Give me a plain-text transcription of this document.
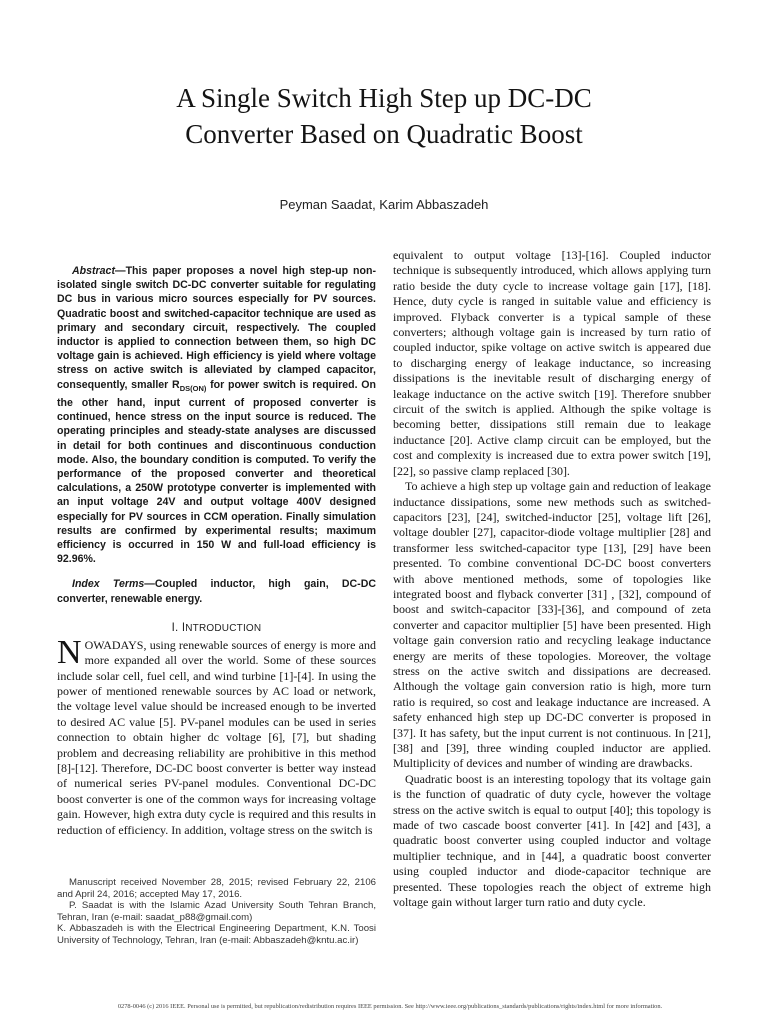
A Single Switch High Step up DC-DC
Converter Based on Quadratic Boost
Peyman Saadat, Karim Abbaszadeh
Abstract—This paper proposes a novel high step-up non-isolated single switch DC-DC converter suitable for regulating DC bus in various micro sources especially for PV sources. Quadratic boost and switched-capacitor technique are used as primary and secondary circuit, respectively. The coupled inductor is applied to connection between them, so high DC voltage gain is achieved. High efficiency is yield where voltage stress on active switch is alleviated by clamped capacitor, consequently, smaller $R_{DS(ON)}$ for power switch is required. On the other hand, input current of proposed converter is continued, hence stress on the input source is reduced. The operating principles and steady-state analyses are discussed in detail for both continues and discontinuous conduction mode. Also, the boundary condition is computed. To verify the performance of the proposed converter and theoretical calculations, a 250W prototype converter is implemented with an input voltage 24V and output voltage 400V designed especially for PV sources in CCM operation. Finally simulation results are confirmed by experimental results; maximum efficiency is occurred in 150 W and full-load efficiency is 92.96%.
Index Terms—Coupled inductor, high gain, DC-DC converter, renewable energy.
I. INTRODUCTION

NOWADAYS, using renewable sources of energy is more and more expanded all over the world. Some of these sources include solar cell, fuel cell, and wind turbine [1]-[4]. In using the power of mentioned renewable sources by AC load or network, the voltage level value should be increased enough to be inverted to desired AC value [5]. PV-panel modules can be used in series connection to obtain higher dc voltage [6], [7], but shading problem and decreasing reliability are prohibitive in this method [8]-[12]. Therefore, DC-DC boost converter is better way instead of numerical series PV-panel modules. Conventional DC-DC boost converter is one of the common ways for increasing voltage gain. However, high extra duty cycle is required and this results in reduction of efficiency. In addition, voltage stress on the switch is

equivalent to output voltage [13]-[16]. Coupled inductor technique is subsequently introduced, which allows applying turn ratio beside the duty cycle to increase voltage gain [17], [18]. Hence, duty cycle is ranged in suitable value and efficiency is improved. Flyback converter is a typical sample of these converters; although voltage gain is increased by turn ratio of coupled inductor, spike voltage on active switch is appeared due to discharging energy of leakage inductance, so increasing dissipations is the inevitable result of discharging energy of leakage inductance on the active switch [19]. Therefore snubber circuit of the switch is applied. Although the spike voltage is becoming better, dissipations still remain due to leakage inductance [20]. Active clamp circuit can be employed, but the cost and complexity is increased due to extra power switch [19], [22], so passive clamp replaced [30].

To achieve a high step up voltage gain and reduction of leakage inductance dissipations, some new methods such as switched-capacitors [23], [24], switched-inductor [25], voltage lift [26], voltage doubler [27], capacitor-diode voltage multiplier [28] and transformer less switched-capacitor type [13], [29] have been presented. To combine conventional DC-DC boost converters with above mentioned methods, some of topologies like integrated boost and flyback converter [31] , [32], compound of boost and switch-capacitor [33]-[36], and compound of zeta converter and capacitor multiplier [5] have been presented. High voltage gain conversion ratio and recycling leakage inductance energy are merits of these topologies. Moreover, the voltage stress on the active switch and dissipations are decreased. Although the voltage gain conversion ratio is high, more turn ratio is required, so cost and leakage inductance are increased. A safety enhanced high step up DC-DC converter is proposed in [37]. It has safety, but the input current is not continuous. In [21], [38] and [39], three winding coupled inductor are applied. Multiplicity of devices and number of winding are drawbacks.

Quadratic boost is an interesting topology that its voltage gain is the function of quadratic of duty cycle, however the voltage stress on the active switch is equal to output [40]; this topology is made of two cascade boost converter [41]. In [42] and [43], a quadratic boost converter using coupled inductor and voltage multiplier technique, and in [44], a quadratic boost converter using coupled inductor and diode-capacitor technique are presented. These topologies reach the object of extreme high voltage gain without larger turn ratio and duty cycle.

Manuscript received November 28, 2015; revised February 22, 2106 and April 24, 2016; accepted May 17, 2016.

P. Saadat is with the Islamic Azad University South Tehran Branch, Tehran, Iran (e-mail: saadat_p88@gmail.com)

K. Abbaszadeh is with the Electrical Engineering Department, K.N. Toosi University of Technology, Tehran, Iran (e-mail: Abbaszadeh@kntu.ac.ir)

0278-0046 (c) 2016 IEEE. Personal use is permitted, but republication/redistribution requires IEEE permission. See http://www.ieee.org/publications_standards/publications/rights/index.html for more information.
